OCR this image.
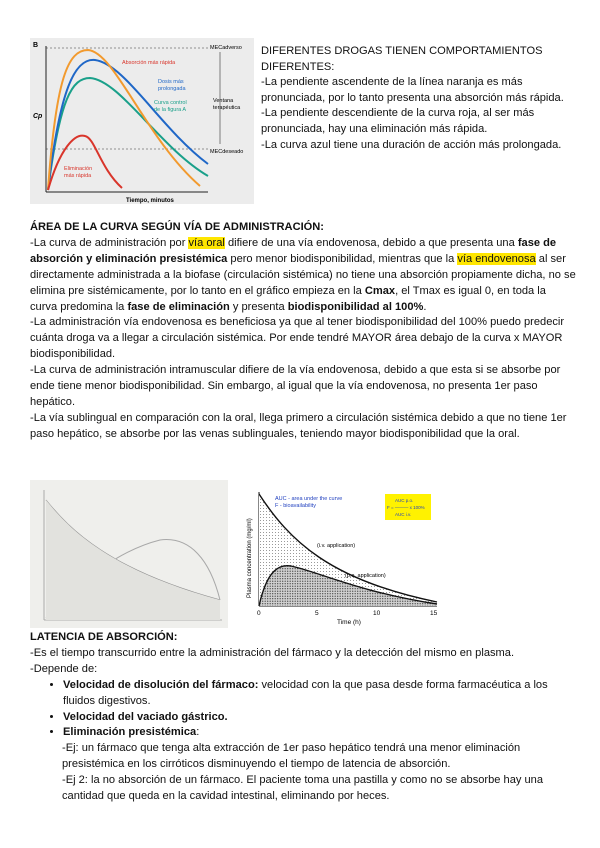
B
Cp
Tiempo, minutos
MECadverso
MECdeseado
Ventana
terapéutica
Absorción más rápida
Dosis más
prolongada
Curva control
de la figura A
Eliminación
más rápida

DIFERENTES DROGAS TIENEN COMPORTAMIENTOS

DIFERENTES:

-La pendiente ascendente de la línea naranja es más pronunciada, por lo tanto presenta una absorción más rápida.

-La pendiente descendiente de la curva roja, al ser más pronunciada, hay una eliminación más rápida.

-La curva azul tiene una duración de acción más prolongada.

ÁREA DE LA CURVA SEGÚN VÍA DE ADMINISTRACIÓN:

-La curva de administración por vía oral difiere de una vía endovenosa, debido a que presenta una fase de absorción y eliminación presistémica pero menor biodisponibilidad, mientras que la vía endovenosa al ser directamente administrada a la biofase (circulación sistémica) no tiene una absorción propiamente dicha, no se elimina pre sistémicamente, por lo tanto en el gráfico empieza en la Cmax, el Tmax es igual 0, en toda la curva predomina la fase de eliminación y presenta biodisponibilidad al 100%.

-La administración vía endovenosa es beneficiosa ya que al tener biodisponibilidad del 100% puedo predecir cuánta droga va a llegar a circulación sistémica. Por ende tendré MAYOR área debajo de la curva x MAYOR biodisponibilidad.

-La curva de administración intramuscular difiere de la vía endovenosa, debido a que esta si se absorbe por ende tiene menor biodisponibilidad. Sin embargo, al igual que la vía endovenosa, no presenta 1er paso hepático.

-La vía sublingual en comparación con la oral, llega primero a circulación sistémica debido a que no tiene 1er paso hepático, se absorbe por las venas sublinguales, teniendo mayor biodisponibilidad que la oral.

AUC - area under the curve
F - bioavailability
AUC p.o.
F = ——— x 100%
AUC i.v.
(i.v. application)
(p.o. application)
0	5	10	15
Time (h)
Plasma concentration (mg/ml)

LATENCIA DE ABSORCIÓN:

-Es el tiempo transcurrido entre la administración del fármaco y la detección del mismo en plasma.

-Depende de:

• Velocidad de disolución del fármaco: velocidad con la que pasa desde forma farmacéutica a los fluidos digestivos.
• Velocidad del vaciado gástrico.
• Eliminación presistémica:

-Ej: un fármaco que tenga alta extracción de 1er paso hepático tendrá una menor eliminación presistémica en los cirróticos disminuyendo el tiempo de latencia de absorción.

-Ej 2: la no absorción de un fármaco. El paciente toma una pastilla y como no se absorbe hay una cantidad que queda en la cavidad intestinal, eliminando por heces.
